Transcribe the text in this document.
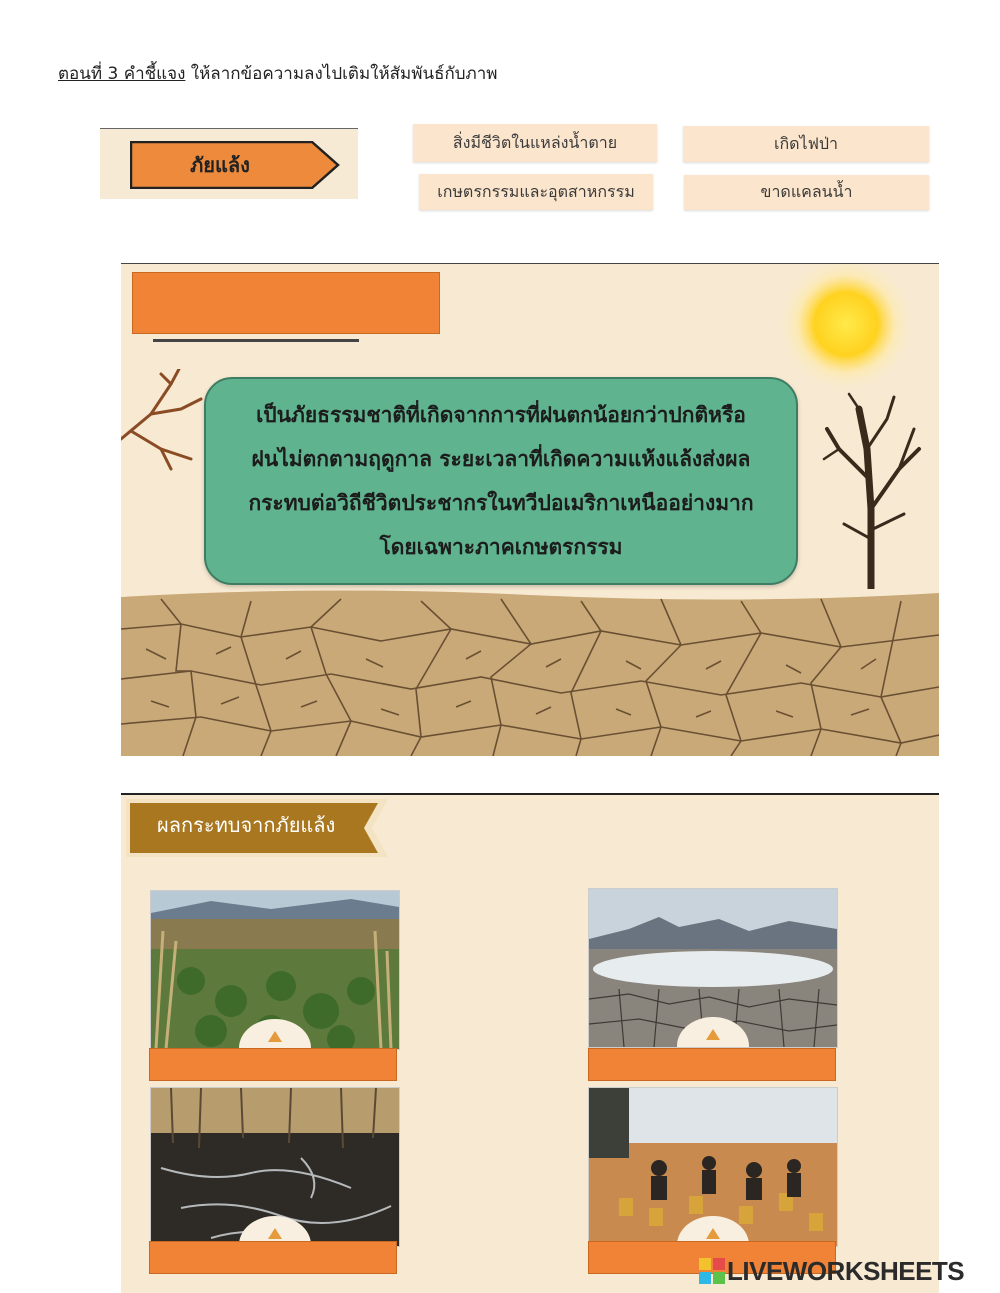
ตอนที่ 3 คำชี้แจง ให้ลากข้อความลงไปเติมให้สัมพันธ์กับภาพ
ภัยแล้ง
สิ่งมีชีวิตในแหล่งน้ำตาย	เกิดไฟป่า
เกษตรกรรมและอุตสาหกรรม	ขาดแคลนน้ำ
เป็นภัยธรรมชาติที่เกิดจากการที่ฝนตกน้อยกว่าปกติหรือ
ฝนไม่ตกตามฤดูกาล ระยะเวลาที่เกิดความแห้งแล้งส่งผล
กระทบต่อวิถีชีวิตประชากรในทวีปอเมริกาเหนืออย่างมาก
โดยเฉพาะภาคเกษตรกรรม
ผลกระทบจากภัยแล้ง
LIVEWORKSHEETS
